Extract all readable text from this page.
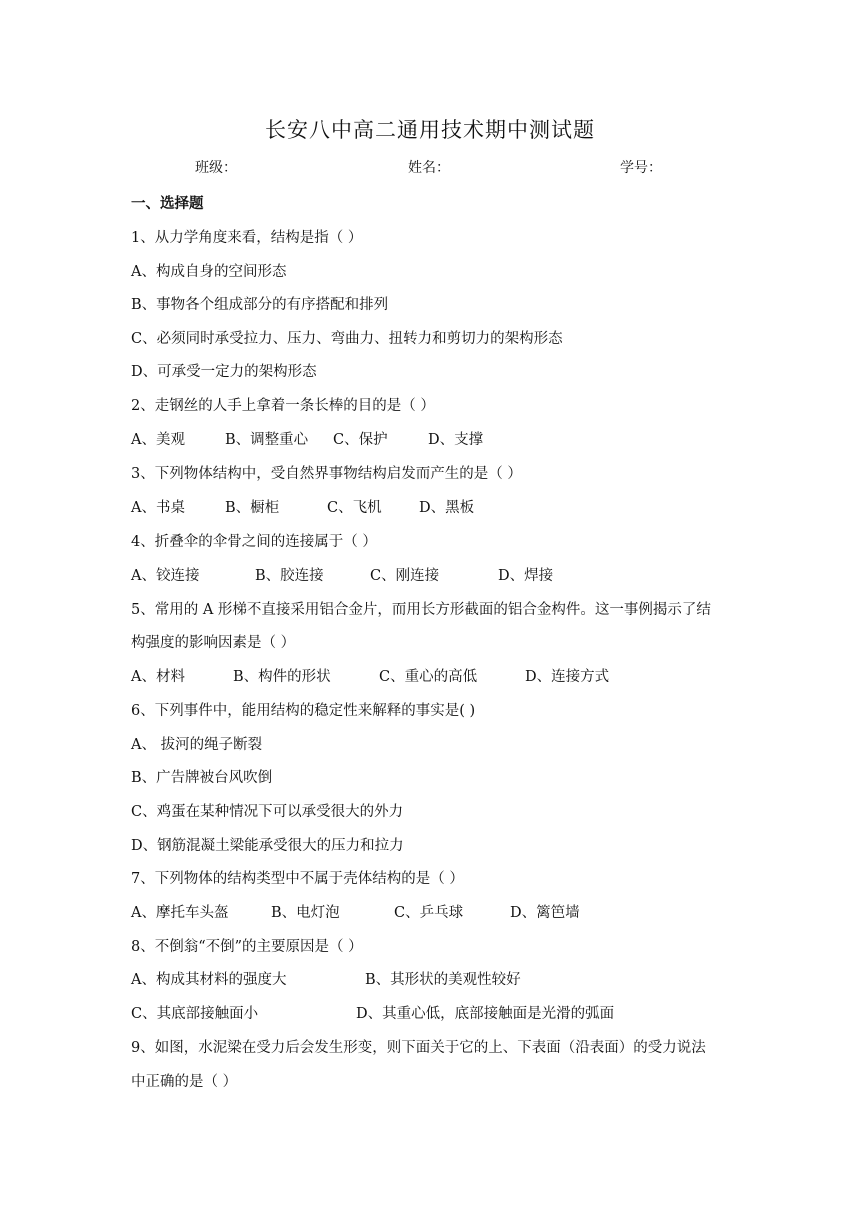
长安八中高二通用技术期中测试题
班级：	姓名：	学号：
一、选择题
1、从力学角度来看，结构是指（ ）
A、构成自身的空间形态
B、事物各个组成部分的有序搭配和排列
C、必须同时承受拉力、压力、弯曲力、扭转力和剪切力的架构形态
D、可承受一定力的架构形态
2、走钢丝的人手上拿着一条长棒的目的是（ ）
A、美观	B、调整重心 C、保护	D、支撑
3、下列物体结构中，受自然界事物结构启发而产生的是（ ）
A、书桌	B、橱柜	C、飞机	D、黑板
4、折叠伞的伞骨之间的连接属于（ ）
A、铰连接	B、胶连接	C、刚连接	D、焊接
5、常用的 A 形梯不直接采用铝合金片，而用长方形截面的铝合金构件。这一事例揭示了结
构强度的影响因素是（ ）
A、材料	B、构件的形状	C、重心的高低	D、连接方式
6、下列事件中，能用结构的稳定性来解释的事实是( )
A、 拔河的绳子断裂
B、广告牌被台风吹倒
C、鸡蛋在某种情况下可以承受很大的外力
D、钢筋混凝土梁能承受很大的压力和拉力
7、下列物体的结构类型中不属于壳体结构的是（ ）
A、摩托车头盔	B、电灯泡	C、乒乓球	D、篱笆墙
8、不倒翁“不倒”的主要原因是（ ）
A、构成其材料的强度大	B、其形状的美观性较好
C、其底部接触面小	D、其重心低，底部接触面是光滑的弧面
9、如图，水泥梁在受力后会发生形变，则下面关于它的上、下表面（沿表面）的受力说法
中正确的是（ ）
